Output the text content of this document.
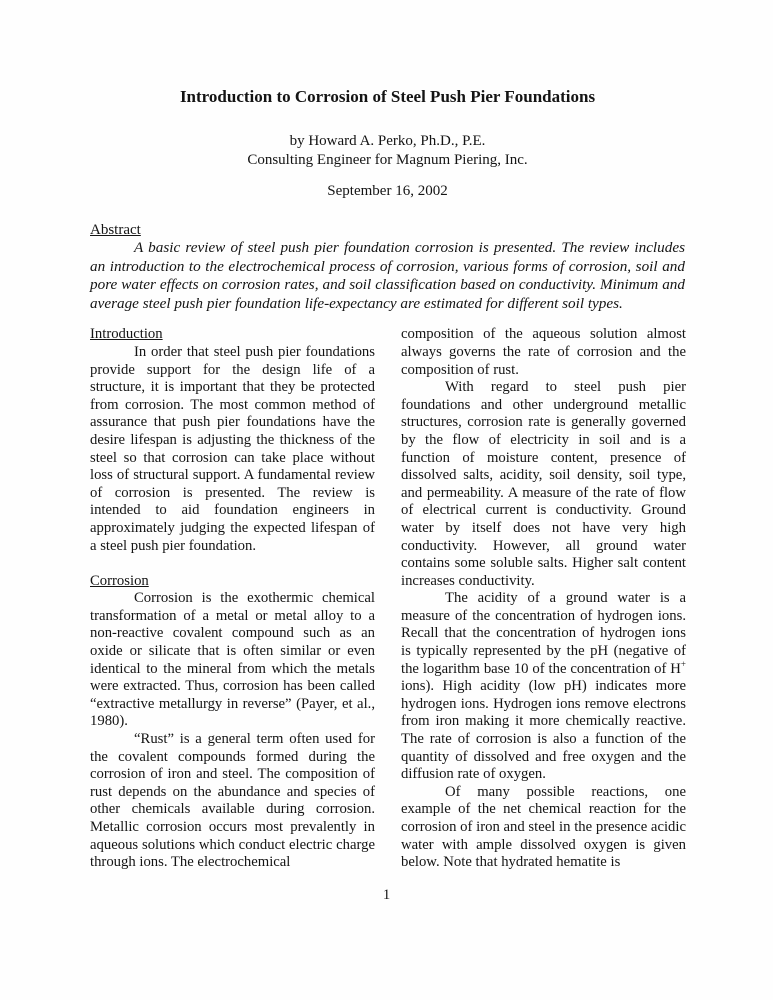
Introduction to Corrosion of Steel Push Pier Foundations

by Howard A. Perko, Ph.D., P.E.

Consulting Engineer for Magnum Piering, Inc.

September 16, 2002

Abstract

A basic review of steel push pier foundation corrosion is presented. The review includes an introduction to the electrochemical process of corrosion, various forms of corrosion, soil and pore water effects on corrosion rates, and soil classification based on conductivity. Minimum and average steel push pier foundation life-expectancy are estimated for different soil types.

Introduction

In order that steel push pier foundations provide support for the design life of a structure, it is important that they be protected from corrosion. The most common method of assurance that push pier foundations have the desire lifespan is adjusting the thickness of the steel so that corrosion can take place without loss of structural support. A fundamental review of corrosion is presented. The review is intended to aid foundation engineers in approximately judging the expected lifespan of a steel push pier foundation.

Corrosion

Corrosion is the exothermic chemical transformation of a metal or metal alloy to a non-reactive covalent compound such as an oxide or silicate that is often similar or even identical to the mineral from which the metals were extracted. Thus, corrosion has been called “extractive metallurgy in reverse” (Payer, et al., 1980).

“Rust” is a general term often used for the covalent compounds formed during the corrosion of iron and steel. The composition of rust depends on the abundance and species of other chemicals available during corrosion. Metallic corrosion occurs most prevalently in aqueous solutions which conduct electric charge through ions. The electrochemical

composition of the aqueous solution almost always governs the rate of corrosion and the composition of rust.

With regard to steel push pier foundations and other underground metallic structures, corrosion rate is generally governed by the flow of electricity in soil and is a function of moisture content, presence of dissolved salts, acidity, soil density, soil type, and permeability. A measure of the rate of flow of electrical current is conductivity. Ground water by itself does not have very high conductivity. However, all ground water contains some soluble salts. Higher salt content increases conductivity.

The acidity of a ground water is a measure of the concentration of hydrogen ions. Recall that the concentration of hydrogen ions is typically represented by the pH (negative of the logarithm base 10 of the concentration of H+ ions). High acidity (low pH) indicates more hydrogen ions. Hydrogen ions remove electrons from iron making it more chemically reactive. The rate of corrosion is also a function of the quantity of dissolved and free oxygen and the diffusion rate of oxygen.

Of many possible reactions, one example of the net chemical reaction for the corrosion of iron and steel in the presence acidic water with ample dissolved oxygen is given below. Note that hydrated hematite is

1
